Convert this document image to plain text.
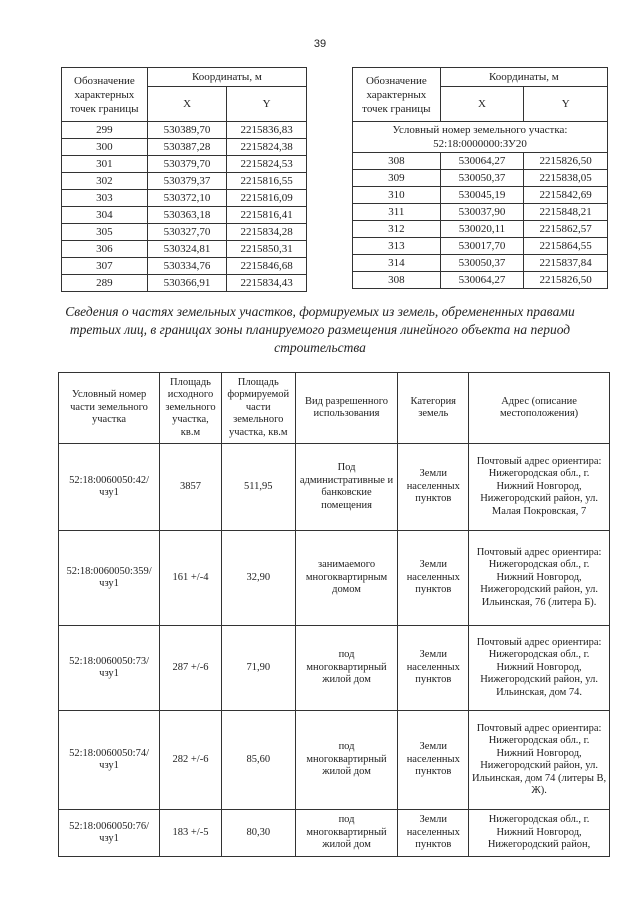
39
Обозначение характерных точек границы	Координаты, м	
	X	Y
299	530389,70	2215836,83
300	530387,28	2215824,38
301	530379,70	2215824,53
302	530379,37	2215816,55
303	530372,10	2215816,09
304	530363,18	2215816,41
305	530327,70	2215834,28
306	530324,81	2215850,31
307	530334,76	2215846,68
289	530366,91	2215834,43
Обозначение характерных точек границы	Координаты, м	
	X	Y
Условный номер земельного участка: 52:18:0000000:ЗУ20		
308	530064,27	2215826,50
309	530050,37	2215838,05
310	530045,19	2215842,69
311	530037,90	2215848,21
312	530020,11	2215862,57
313	530017,70	2215864,55
314	530050,37	2215837,84
308	530064,27	2215826,50
Сведения о частях земельных участков, формируемых из земель, обремененных правами третьих лиц, в границах зоны планируемого размещения линейного объекта на период строительства
Условный номер части земельного участка	Площадь исходного земельного участка, кв.м	Площадь формируемой части земельного участка, кв.м	Вид разрешенного использования	Категория земель	Адрес (описание местоположения)
52:18:0060050:42/ чзу1	3857	511,95	Под административные и банковские помещения	Земли населенных пунктов	Почтовый адрес ориентира: Нижегородская обл., г. Нижний Новгород, Нижегородский район, ул. Малая Покровская, 7
52:18:0060050:359/ чзу1	161 +/-4	32,90	занимаемого многоквартирным домом	Земли населенных пунктов	Почтовый адрес ориентира: Нижегородская обл., г. Нижний Новгород, Нижегородский район, ул. Ильинская, 76 (литера Б).
52:18:0060050:73/ чзу1	287 +/-6	71,90	под многоквартирный жилой дом	Земли населенных пунктов	Почтовый адрес ориентира: Нижегородская обл., г. Нижний Новгород, Нижегородский район, ул. Ильинская, дом 74.
52:18:0060050:74/ чзу1	282 +/-6	85,60	под многоквартирный жилой дом	Земли населенных пунктов	Почтовый адрес ориентира: Нижегородская обл., г. Нижний Новгород, Нижегородский район, ул. Ильинская, дом 74 (литеры В, Ж).
52:18:0060050:76/ чзу1	183 +/-5	80,30	под многоквартирный жилой дом	Земли населенных пунктов	Нижегородская обл., г. Нижний Новгород, Нижегородский район,
